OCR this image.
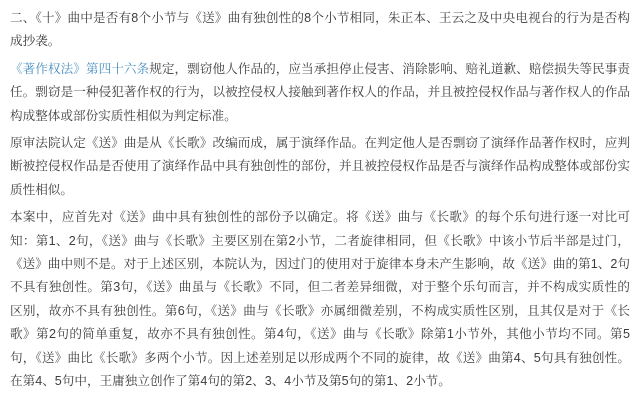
二、《十》曲中是否有8个小节与《送》曲有独创性的8个小节相同，朱正本、王云之及中央电视台的行为是否构
成抄袭。
《著作权法》第四十六条规定，剽窃他人作品的，应当承担停止侵害、消除影响、赔礼道歉、赔偿损失等民事责
任。剽窃是一种侵犯著作权的行为，以被控侵权人接触到著作权人的作品，并且被控侵权作品与著作权人的作品
构成整体或部份实质性相似为判定标准。
原审法院认定《送》曲是从《长歌》改编而成，属于演绎作品。在判定他人是否剽窃了演绎作品著作权时，应判
断被控侵权作品是否使用了演绎作品中具有独创性的部份，并且被控侵权作品是否与演绎作品构成整体或部份实
质性相似。
本案中，应首先对《送》曲中具有独创性的部份予以确定。将《送》曲与《长歌》的每个乐句进行逐一对比可
知：第1、2句，《送》曲与《长歌》主要区别在第2小节，二者旋律相同，但《长歌》中该小节后半部是过门，
《送》曲中则不是。对于上述区别，本院认为，因过门的使用对于旋律本身未产生影响，故《送》曲的第1、2句
不具有独创性。第3句，《送》曲虽与《长歌》不同，但二者差异细微，对于整个乐句而言，并不构成实质性的
区别，故亦不具有独创性。第6句，《送》曲与《长歌》亦属细微差别，不构成实质性区别，且其仅是对于《长
歌》第2句的简单重复，故亦不具有独创性。第4句，《送》曲与《长歌》除第1小节外，其他小节均不同。第5
句，《送》曲比《长歌》多两个小节。因上述差别足以形成两个不同的旋律，故《送》曲第4、5句具有独创性。
在第4、5句中，王庸独立创作了第4句的第2、3、4小节及第5句的第1、2小节。
